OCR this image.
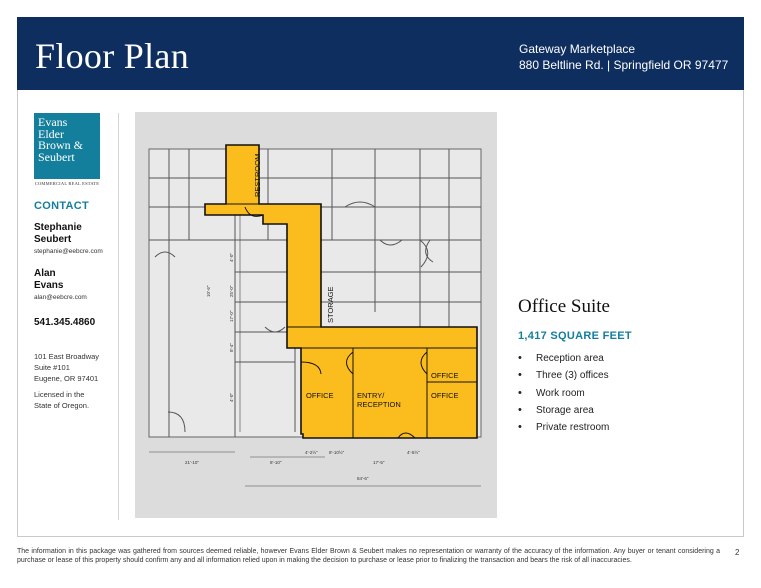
Floor Plan	Gateway Marketplace
880 Beltline Rd. | Springfield OR 97477
Evans
Elder
Brown &
Seubert
COMMERCIAL REAL ESTATE
CONTACT
Stephanie
Seubert
stephanie@eebcre.com
Alan
Evans
alan@eebcre.com
541.345.4860
101 East Broadway
Suite #101
Eugene, OR 97401
Licensed in the
State of Oregon.
RESTROOM
STORAGE
OFFICE	ENTRY/
RECEPTION
OFFICE
OFFICE
21'-10"	8'-10"
4'-2½"	8'-10½"
17'-5"
4'-5½"
84'-6"
4'-0"
25'-0"
17'-0"
8'-4"
4'-0"
10'-6"
Office Suite
1,417 SQUARE FEET
• Reception area
• Three (3) offices
• Work room
• Storage area
• Private restroom
The information in this package was gathered from sources deemed reliable, however Evans Elder Brown & Seubert makes no representation or warranty of the accuracy of the information. Any buyer or tenant considering a purchase or lease of this property should confirm any and all information relied upon in making the decision to purchase or lease prior to finalizing the transaction and bears the risk of all inaccuracies.
2
